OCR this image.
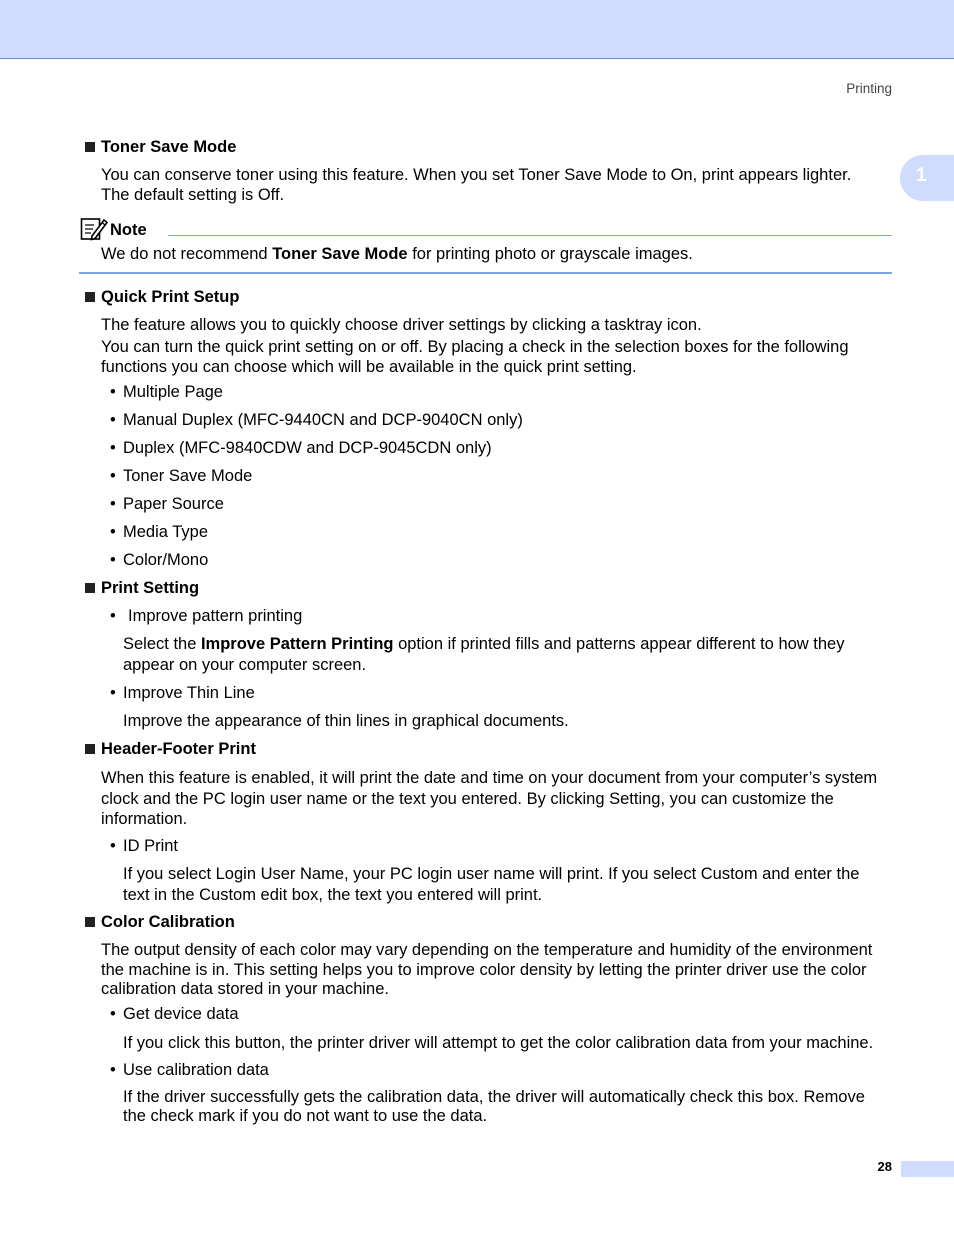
Printing
1
Toner Save Mode
You can conserve toner using this feature. When you set Toner Save Mode to On, print appears lighter.
The default setting is Off.
Note
We do not recommend Toner Save Mode for printing photo or grayscale images.
Quick Print Setup
The feature allows you to quickly choose driver settings by clicking a tasktray icon.
You can turn the quick print setting on or off. By placing a check in the selection boxes for the following
functions you can choose which will be available in the quick print setting.
• Multiple Page
• Manual Duplex (MFC-9440CN and DCP-9040CN only)
• Duplex (MFC-9840CDW and DCP-9045CDN only)
• Toner Save Mode
• Paper Source
• Media Type
• Color/Mono
Print Setting
• Improve pattern printing
Select the Improve Pattern Printing option if printed fills and patterns appear different to how they
appear on your computer screen.
• Improve Thin Line
Improve the appearance of thin lines in graphical documents.
Header-Footer Print
When this feature is enabled, it will print the date and time on your document from your computer’s system
clock and the PC login user name or the text you entered. By clicking Setting, you can customize the
information.
• ID Print
If you select Login User Name, your PC login user name will print. If you select Custom and enter the
text in the Custom edit box, the text you entered will print.
Color Calibration
The output density of each color may vary depending on the temperature and humidity of the environment
the machine is in. This setting helps you to improve color density by letting the printer driver use the color
calibration data stored in your machine.
• Get device data
If you click this button, the printer driver will attempt to get the color calibration data from your machine.
• Use calibration data
If the driver successfully gets the calibration data, the driver will automatically check this box. Remove
the check mark if you do not want to use the data.
28
